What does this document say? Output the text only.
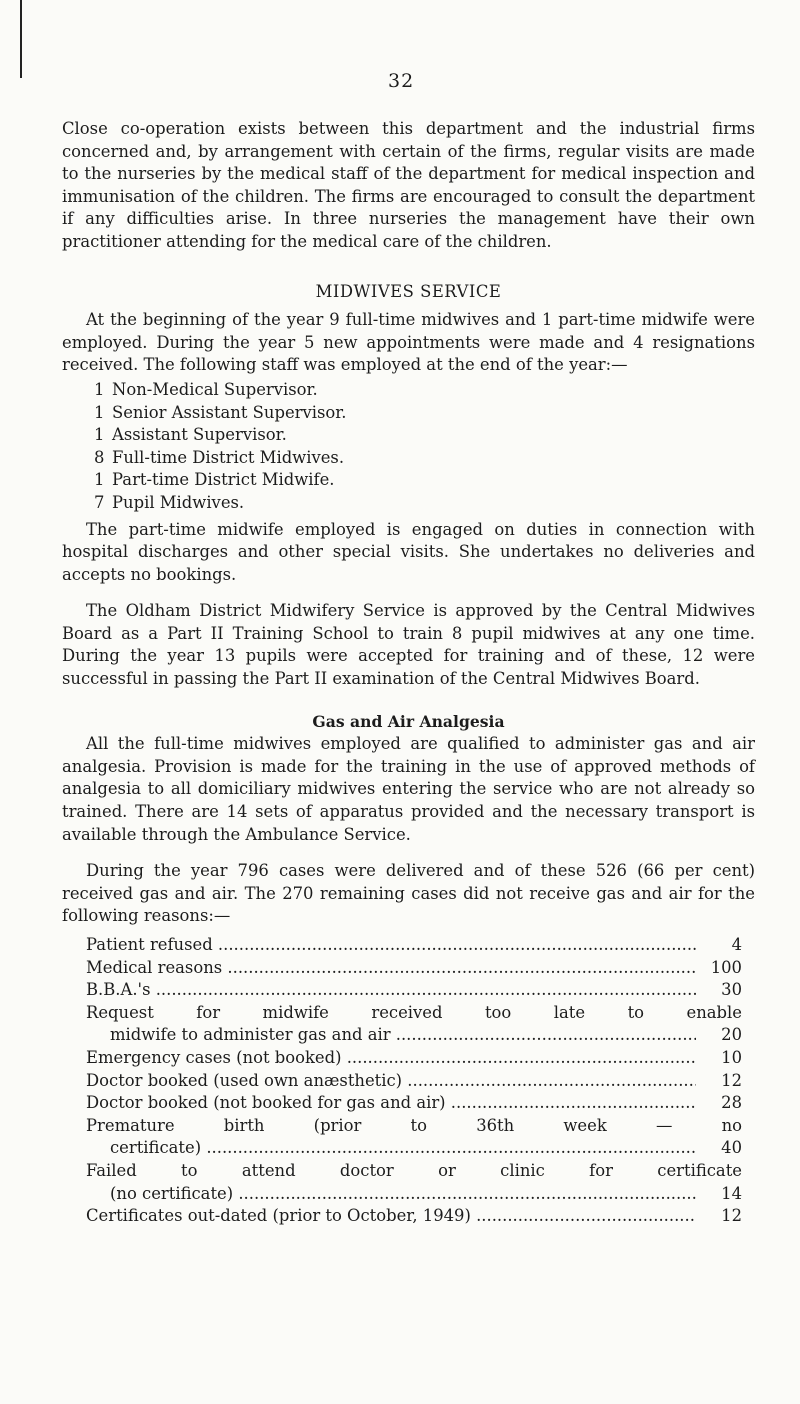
32

Close co-operation exists between this department and the industrial firms concerned and, by arrangement with certain of the firms, regular visits are made to the nurseries by the medical staff of the department for medical inspection and immunisation of the children. The firms are encouraged to consult the department if any difficulties arise. In three nurseries the management have their own practitioner attending for the medical care of the children.

MIDWIVES SERVICE

At the beginning of the year 9 full-time midwives and 1 part-time midwife were employed. During the year 5 new appointments were made and 4 resignations received. The following staff was employed at the end of the year:—

1 Non-Medical Supervisor.
1 Senior Assistant Supervisor.
1 Assistant Supervisor.
8 Full-time District Midwives.
1 Part-time District Midwife.
7 Pupil Midwives.

The part-time midwife employed is engaged on duties in connection with hospital discharges and other special visits. She undertakes no deliveries and accepts no bookings.

The Oldham District Midwifery Service is approved by the Central Midwives Board as a Part II Training School to train 8 pupil midwives at any one time. During the year 13 pupils were accepted for training and of these, 12 were successful in passing the Part II examination of the Central Midwives Board.

Gas and Air Analgesia

All the full-time midwives employed are qualified to administer gas and air analgesia. Provision is made for the training in the use of approved methods of analgesia to all domiciliary midwives entering the service who are not already so trained. There are 14 sets of apparatus provided and the necessary transport is available through the Ambulance Service.

During the year 796 cases were delivered and of these 526 (66 per cent) received gas and air. The 270 remaining cases did not receive gas and air for the following reasons:—

Patient refused .....	4
Medical reasons .....	100
B.B.A.'s .....	30
Request for midwife received too late to enable
midwife to administer gas and air .....	20
Emergency cases (not booked) .....	10
Doctor booked (used own anæsthetic) .....	12
Doctor booked (not booked for gas and air) .....	28
Premature birth (prior to 36th week — no
certificate) .....	40
Failed to attend doctor or clinic for certificate
(no certificate) .....	14
Certificates out-dated (prior to October, 1949) .....	12
